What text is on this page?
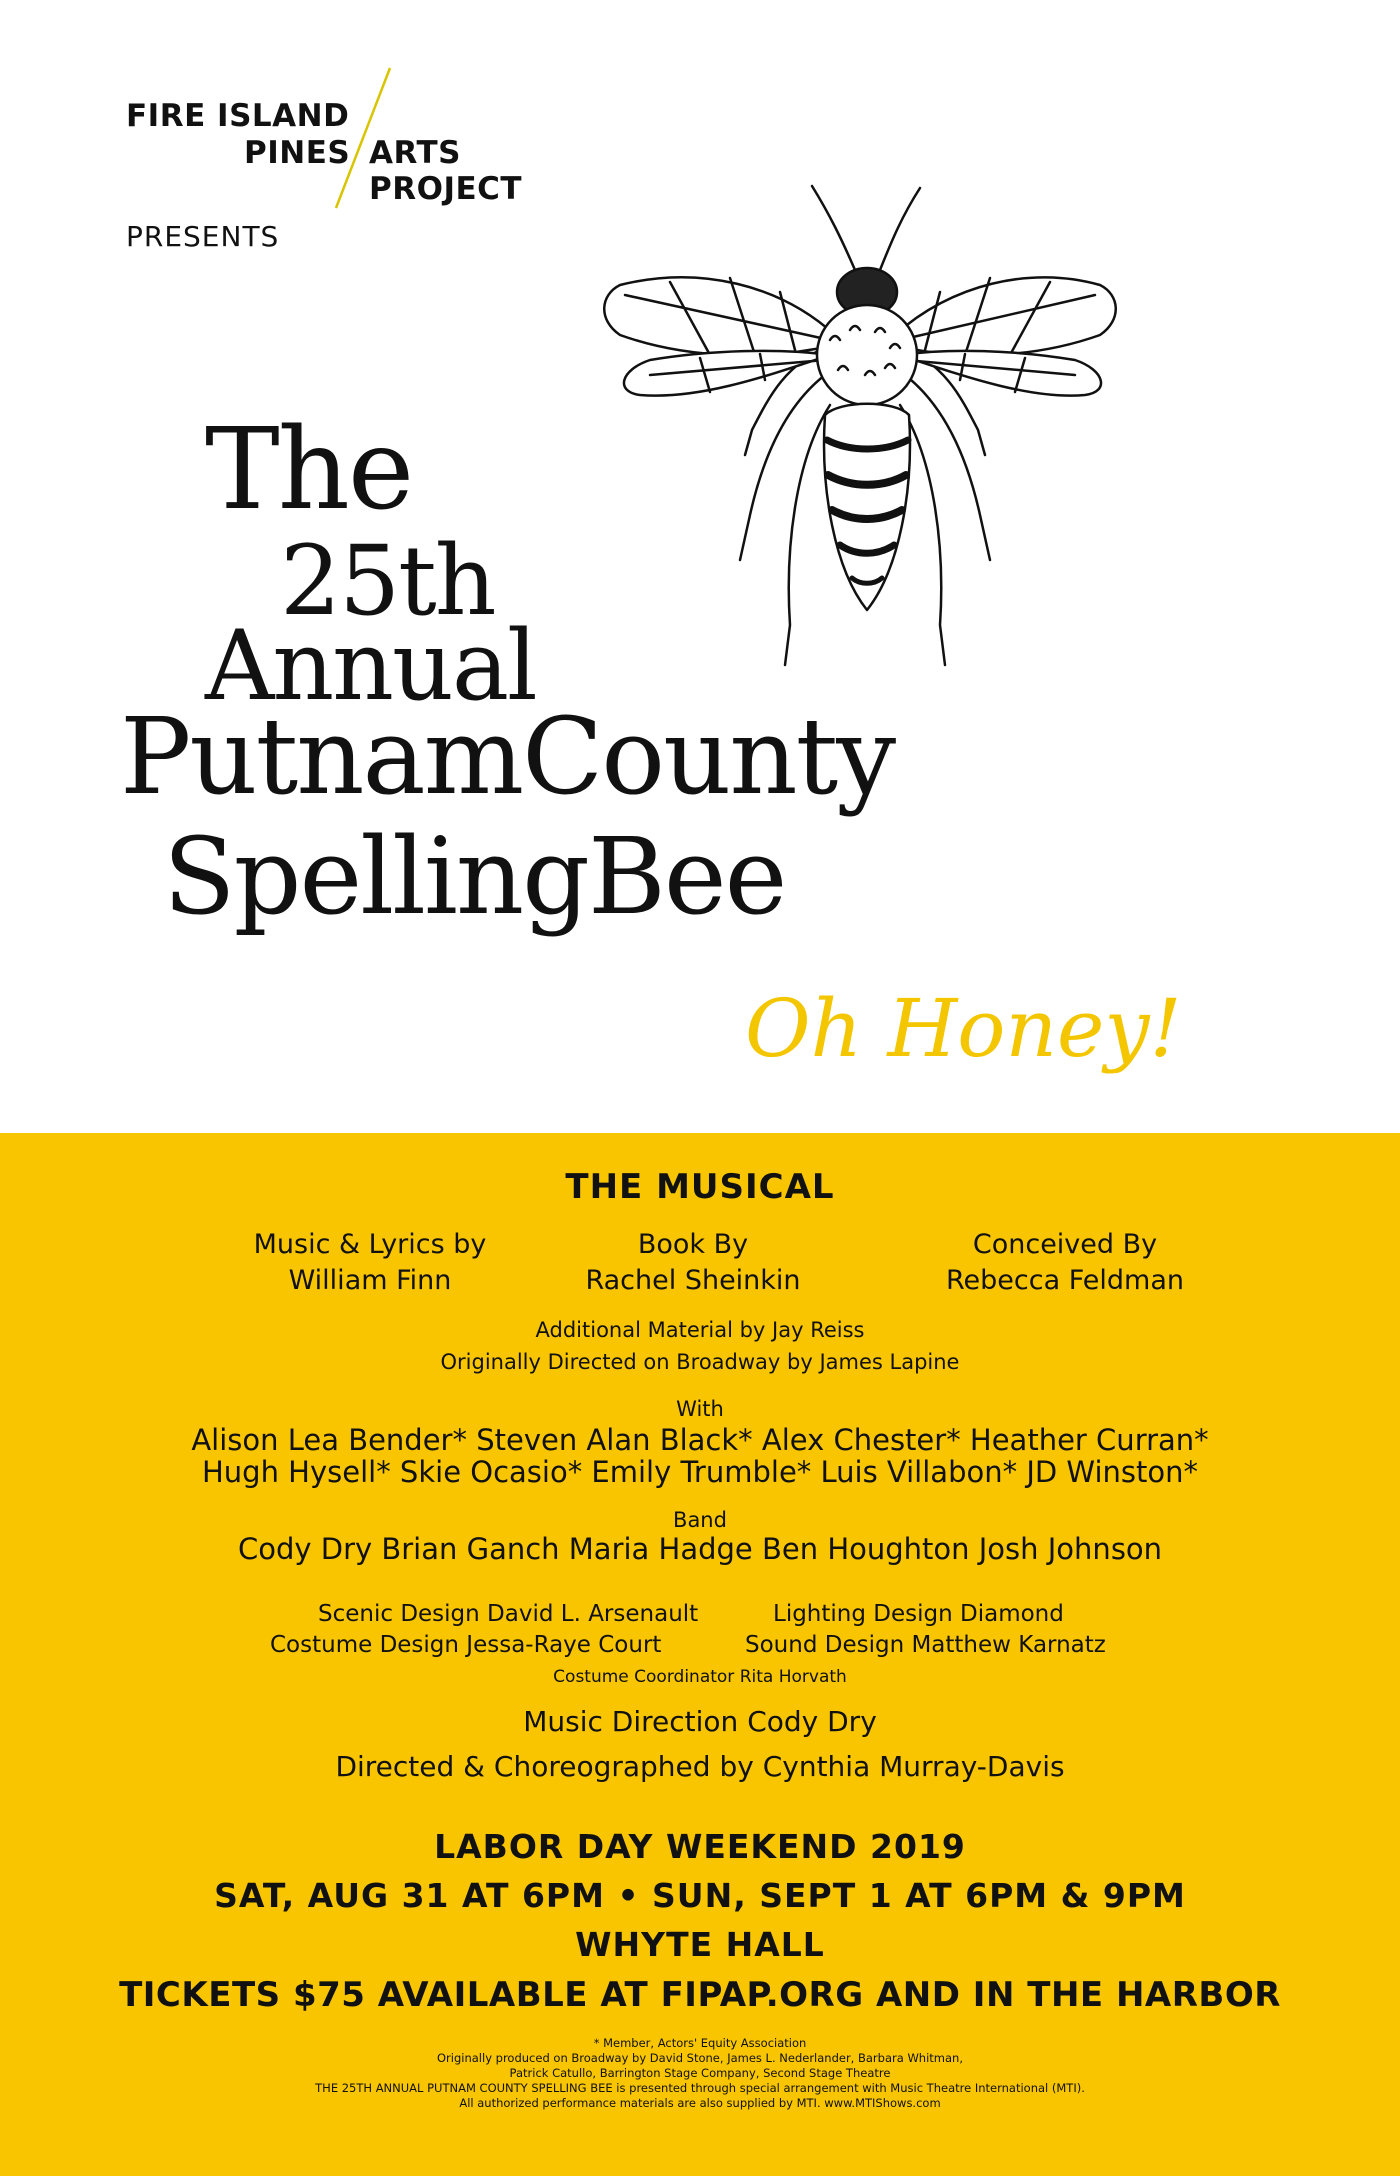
FIRE ISLAND
PINES ARTS
PROJECT
PRESENTS
The
25th
Annual
PutnamCounty
SpellingBee
Oh Honey!
THE MUSICAL
Music & Lyrics by
William Finn
Book By
Rachel Sheinkin
Conceived By
Rebecca Feldman
Additional Material by Jay Reiss
Originally Directed on Broadway by James Lapine
With
Alison Lea Bender* Steven Alan Black* Alex Chester* Heather Curran*
Hugh Hysell* Skie Ocasio* Emily Trumble* Luis Villabon* JD Winston*
Band
Cody Dry Brian Ganch Maria Hadge Ben Houghton Josh Johnson
Scenic Design David L. Arsenault	Lighting Design Diamond
Costume Design Jessa-Raye Court	Sound Design Matthew Karnatz
Costume Coordinator Rita Horvath
Music Direction Cody Dry
Directed & Choreographed by Cynthia Murray-Davis
LABOR DAY WEEKEND 2019
SAT, AUG 31 AT 6PM • SUN, SEPT 1 AT 6PM & 9PM
WHYTE HALL
TICKETS $75 AVAILABLE AT FIPAP.ORG AND IN THE HARBOR
* Member, Actors' Equity Association
Originally produced on Broadway by David Stone, James L. Nederlander, Barbara Whitman,
Patrick Catullo, Barrington Stage Company, Second Stage Theatre
THE 25TH ANNUAL PUTNAM COUNTY SPELLING BEE is presented through special arrangement with Music Theatre International (MTI).
All authorized performance materials are also supplied by MTI. www.MTIShows.com
